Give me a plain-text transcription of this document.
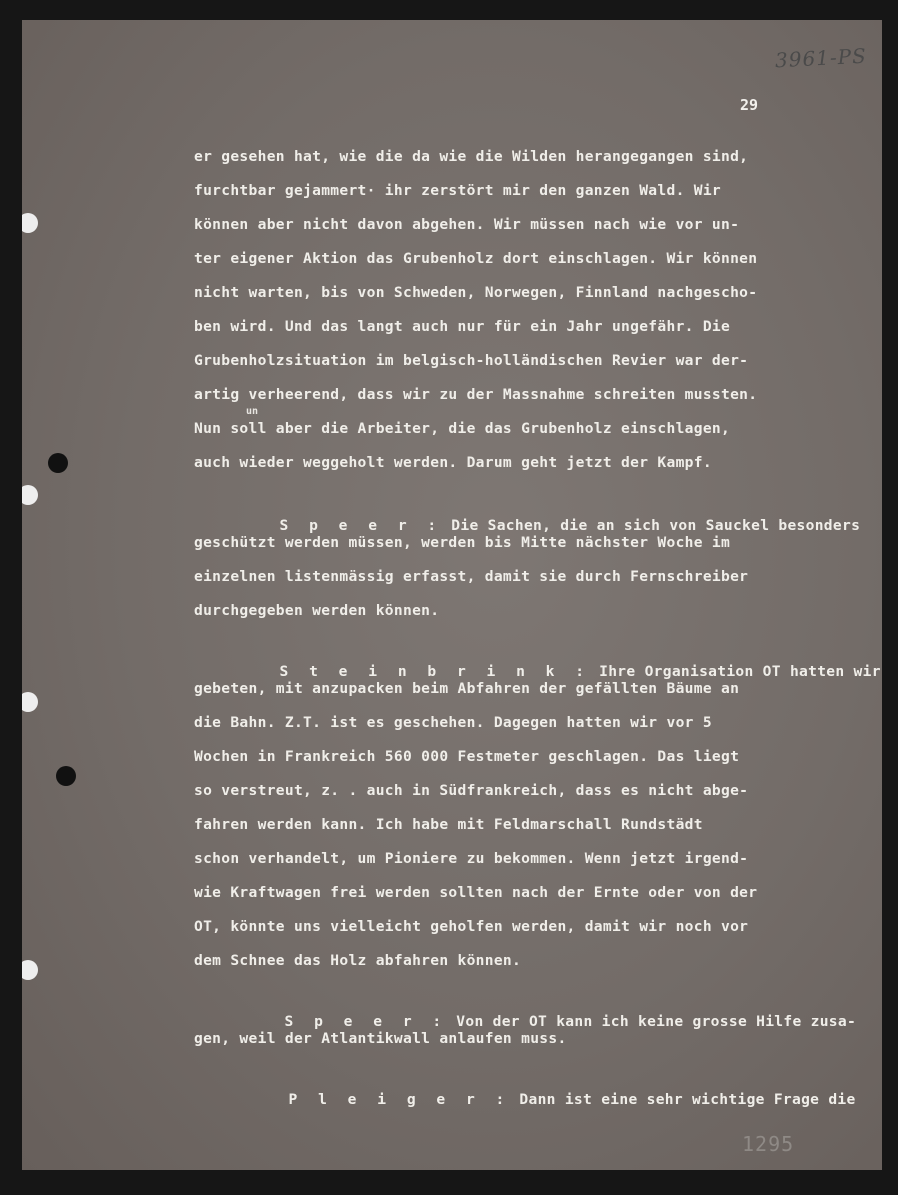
3961-PS
29
1295
er gesehen hat, wie die da wie die Wilden herangegangen sind,
furchtbar gejammert· ihr zerstört mir den ganzen Wald. Wir
können aber nicht davon abgehen. Wir müssen nach wie vor un-
ter eigener Aktion das Grubenholz dort einschlagen. Wir können
nicht warten, bis von Schweden, Norwegen, Finnland nachgescho-
ben wird. Und das langt auch nur für ein Jahr ungefähr. Die
Grubenholzsituation im belgisch-holländischen Revier war der-
artig verheerend, dass wir zu der Massnahme schreiten mussten.
un
Nun soll aber die Arbeiter, die das Grubenholz einschlagen,
auch wieder weggeholt werden. Darum geht jetzt der Kampf.

S p e e r : Die Sachen, die an sich von Sauckel besonders

geschützt werden müssen, werden bis Mitte nächster Woche im
einzelnen listenmässig erfasst, damit sie durch Fernschreiber
durchgegeben werden können.

S t e i n b r i n k : Ihre Organisation OT hatten wir

gebeten, mit anzupacken beim Abfahren der gefällten Bäume an
die Bahn. Z.T. ist es geschehen. Dagegen hatten wir vor 5
Wochen in Frankreich 560 000 Festmeter geschlagen. Das liegt
so verstreut, z. . auch in Südfrankreich, dass es nicht abge-
fahren werden kann. Ich habe mit Feldmarschall Rundstädt
schon verhandelt, um Pioniere zu bekommen. Wenn jetzt irgend-
wie Kraftwagen frei werden sollten nach der Ernte oder von der
OT, könnte uns vielleicht geholfen werden, damit wir noch vor
dem Schnee das Holz abfahren können.

S p e e r : Von der OT kann ich keine grosse Hilfe zusa-

gen, weil der Atlantikwall anlaufen muss.

P l e i g e r : Dann ist eine sehr wichtige Frage die
